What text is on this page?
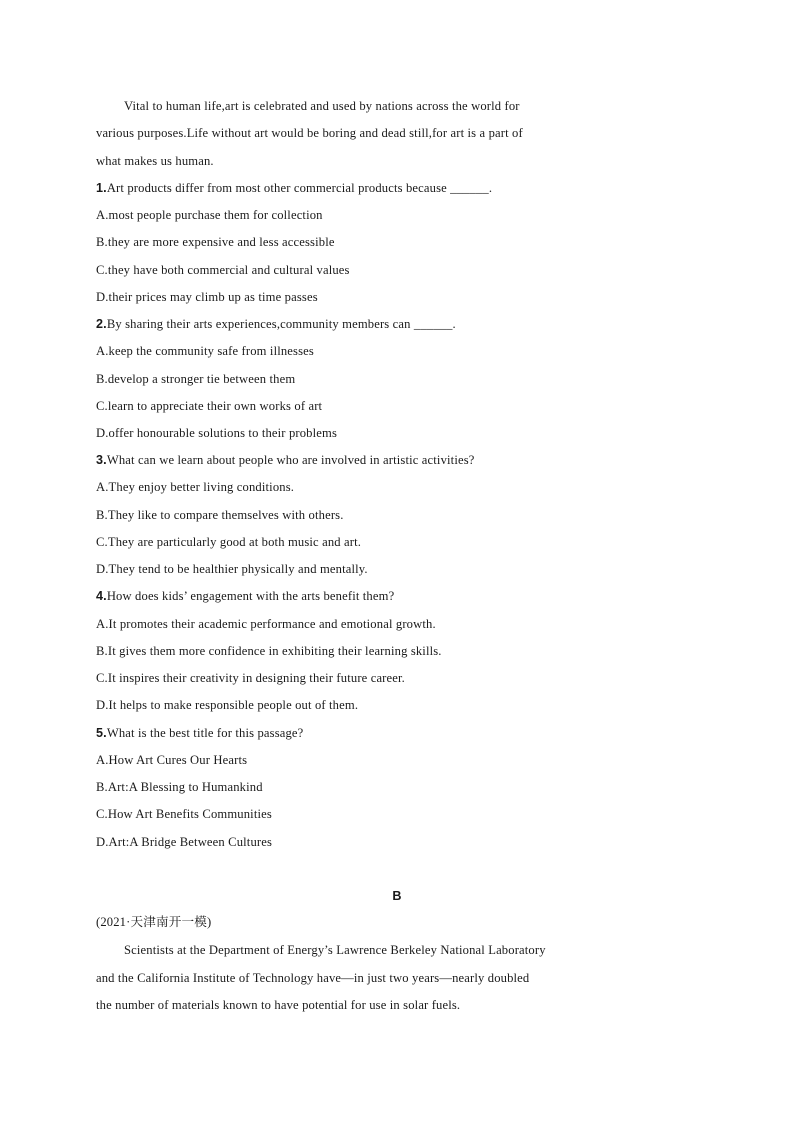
Vital to human life,art is celebrated and used by nations across the world for
various purposes.Life without art would be boring and dead still,for art is a part of
what makes us human.
1.Art products differ from most other commercial products because ______.
A.most people purchase them for collection
B.they are more expensive and less accessible
C.they have both commercial and cultural values
D.their prices may climb up as time passes
2.By sharing their arts experiences,community members can ______.
A.keep the community safe from illnesses
B.develop a stronger tie between them
C.learn to appreciate their own works of art
D.offer honourable solutions to their problems
3.What can we learn about people who are involved in artistic activities?
A.They enjoy better living conditions.
B.They like to compare themselves with others.
C.They are particularly good at both music and art.
D.They tend to be healthier physically and mentally.
4.How does kids’ engagement with the arts benefit them?
A.It promotes their academic performance and emotional growth.
B.It gives them more confidence in exhibiting their learning skills.
C.It inspires their creativity in designing their future career.
D.It helps to make responsible people out of them.
5.What is the best title for this passage?
A.How Art Cures Our Hearts
B.Art:A Blessing to Humankind
C.How Art Benefits Communities
D.Art:A Bridge Between Cultures
B
(2021·天津南开一模)
Scientists at the Department of Energy’s Lawrence Berkeley National Laboratory
and the California Institute of Technology have—in just two years—nearly doubled
the number of materials known to have potential for use in solar fuels.
